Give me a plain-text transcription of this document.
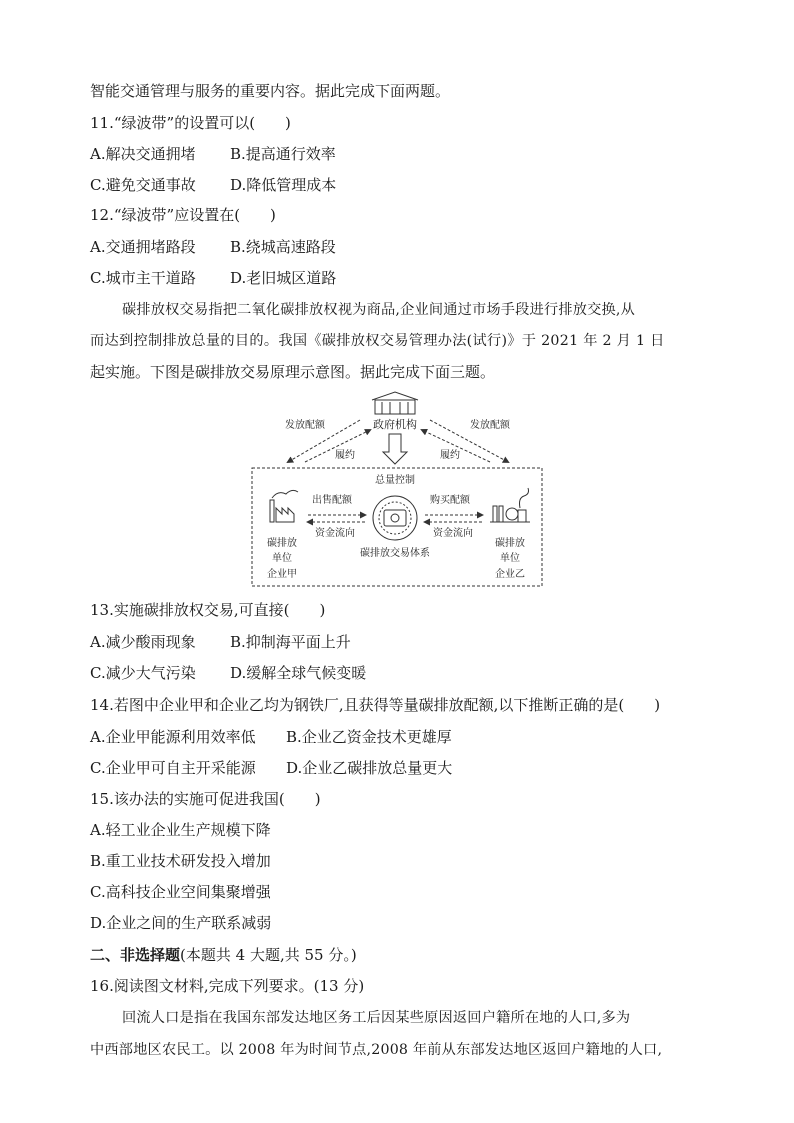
智能交通管理与服务的重要内容。据此完成下面两题。
11.“绿波带”的设置可以(　　)
A.解决交通拥堵 B.提高通行效率
C.避免交通事故 D.降低管理成本
12.“绿波带”应设置在(　　)
A.交通拥堵路段 B.绕城高速路段
C.城市主干道路 D.老旧城区道路
碳排放权交易指把二氧化碳排放权视为商品,企业间通过市场手段进行排放交换,从
而达到控制排放总量的目的。我国《碳排放权交易管理办法(试行)》于 2021 年 2 月 1 日
起实施。下图是碳排放交易原理示意图。据此完成下面三题。
政府机构
发放配额	发放配额
履约	履约
总量控制
出售配额	购买配额
资金流向	资金流向
碳排放交易体系
碳排放
单位
企业甲
碳排放
单位
企业乙
13.实施碳排放权交易,可直接(　　)
A.减少酸雨现象 B.抑制海平面上升
C.减少大气污染 D.缓解全球气候变暖
14.若图中企业甲和企业乙均为钢铁厂,且获得等量碳排放配额,以下推断正确的是(　　)
A.企业甲能源利用效率低 B.企业乙资金技术更雄厚
C.企业甲可自主开采能源 D.企业乙碳排放总量更大
15.该办法的实施可促进我国(　　)
A.轻工业企业生产规模下降
B.重工业技术研发投入增加
C.高科技企业空间集聚增强
D.企业之间的生产联系减弱
二、非选择题(本题共 4 大题,共 55 分。)
16.阅读图文材料,完成下列要求。(13 分)
回流人口是指在我国东部发达地区务工后因某些原因返回户籍所在地的人口,多为
中西部地区农民工。以 2008 年为时间节点,2008 年前从东部发达地区返回户籍地的人口,
